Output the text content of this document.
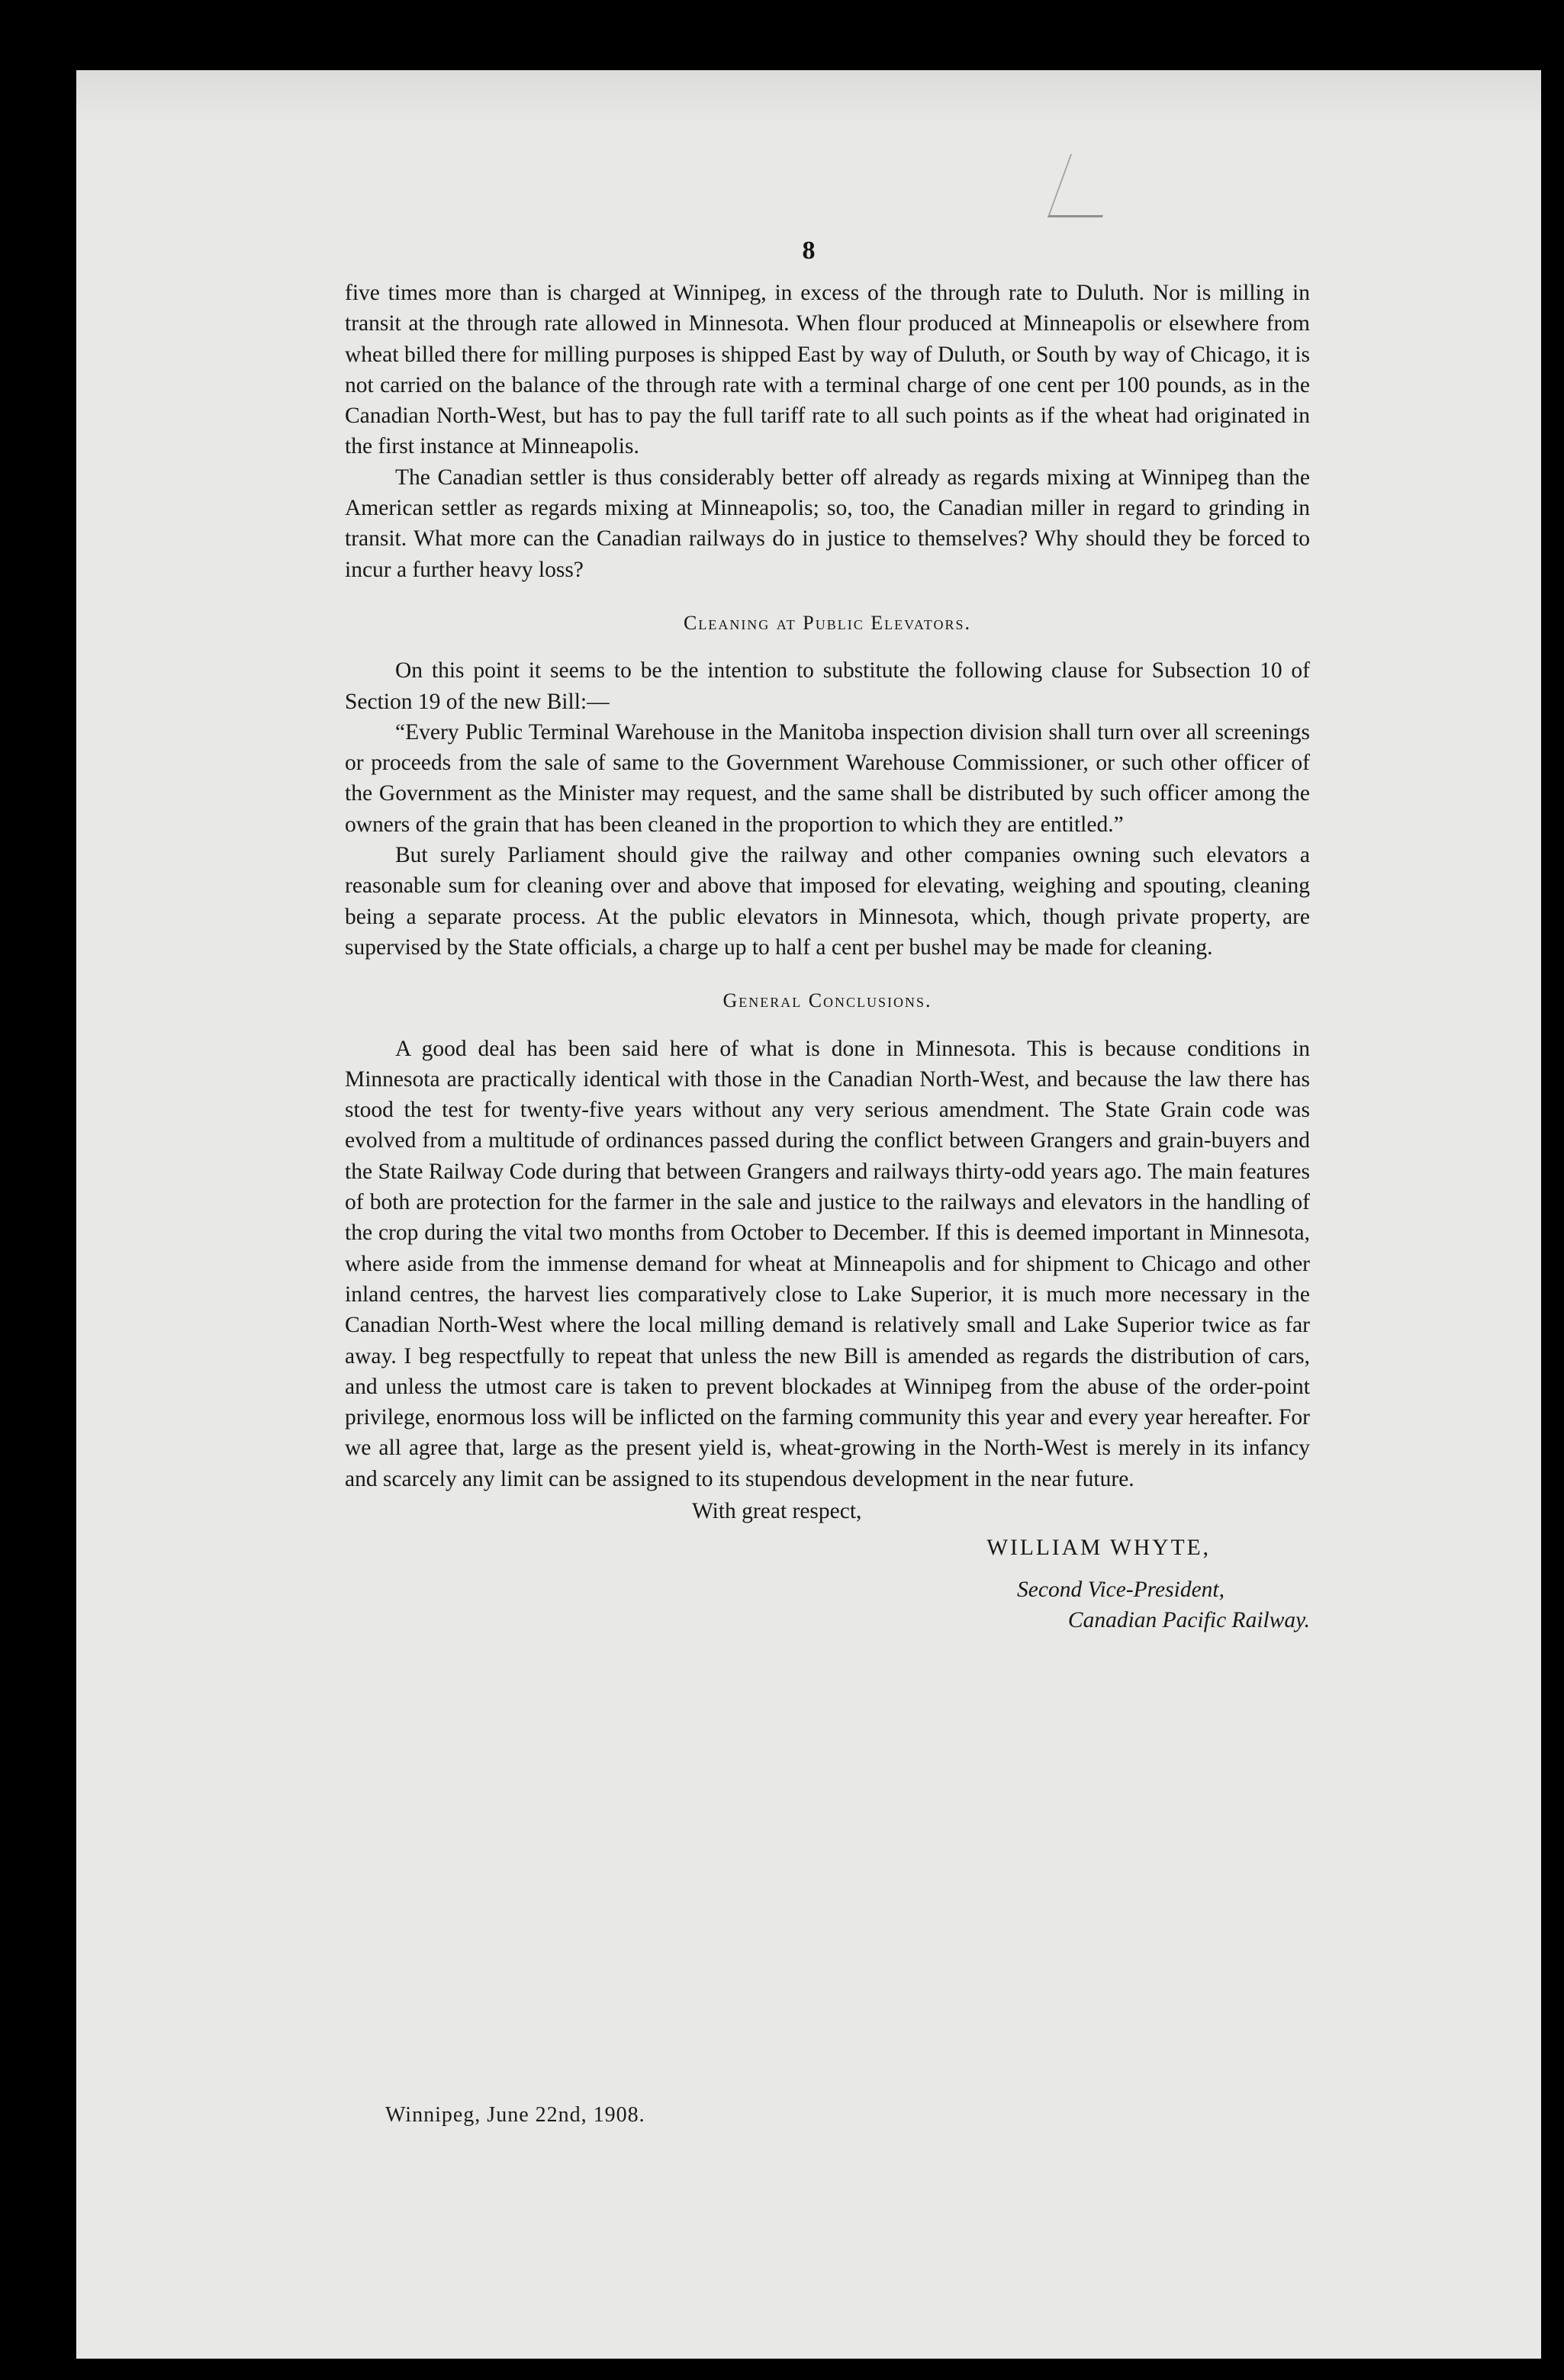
8

five times more than is charged at Winnipeg, in excess of the through rate to Duluth. Nor is milling in transit at the through rate allowed in Minnesota. When flour produced at Minneapolis or elsewhere from wheat billed there for milling purposes is shipped East by way of Duluth, or South by way of Chicago, it is not carried on the balance of the through rate with a terminal charge of one cent per 100 pounds, as in the Canadian North-West, but has to pay the full tariff rate to all such points as if the wheat had originated in the first instance at Minneapolis.

The Canadian settler is thus considerably better off already as regards mixing at Winnipeg than the American settler as regards mixing at Minneapolis; so, too, the Canadian miller in regard to grinding in transit. What more can the Canadian railways do in justice to themselves? Why should they be forced to incur a further heavy loss?

Cleaning at Public Elevators.

On this point it seems to be the intention to substitute the following clause for Subsection 10 of Section 19 of the new Bill:—

“Every Public Terminal Warehouse in the Manitoba inspection division shall turn over all screenings or proceeds from the sale of same to the Government Warehouse Commissioner, or such other officer of the Government as the Minister may request, and the same shall be distributed by such officer among the owners of the grain that has been cleaned in the proportion to which they are entitled.”

But surely Parliament should give the railway and other companies owning such elevators a reasonable sum for cleaning over and above that imposed for elevating, weighing and spouting, cleaning being a separate process. At the public elevators in Minnesota, which, though private property, are supervised by the State officials, a charge up to half a cent per bushel may be made for cleaning.

General Conclusions.

A good deal has been said here of what is done in Minnesota. This is because conditions in Minnesota are practically identical with those in the Canadian North-West, and because the law there has stood the test for twenty-five years without any very serious amendment. The State Grain code was evolved from a multitude of ordinances passed during the conflict between Grangers and grain-buyers and the State Railway Code during that between Grangers and railways thirty-odd years ago. The main features of both are protection for the farmer in the sale and justice to the railways and elevators in the handling of the crop during the vital two months from October to December. If this is deemed important in Minnesota, where aside from the immense demand for wheat at Minneapolis and for shipment to Chicago and other inland centres, the harvest lies comparatively close to Lake Superior, it is much more necessary in the Canadian North-West where the local milling demand is relatively small and Lake Superior twice as far away. I beg respectfully to repeat that unless the new Bill is amended as regards the distribution of cars, and unless the utmost care is taken to prevent blockades at Winnipeg from the abuse of the order-point privilege, enormous loss will be inflicted on the farming community this year and every year hereafter. For we all agree that, large as the present yield is, wheat-growing in the North-West is merely in its infancy and scarcely any limit can be assigned to its stupendous development in the near future.

With great respect,
WILLIAM WHYTE,
Second Vice-President,
Canadian Pacific Railway.
Winnipeg, June 22nd, 1908.
